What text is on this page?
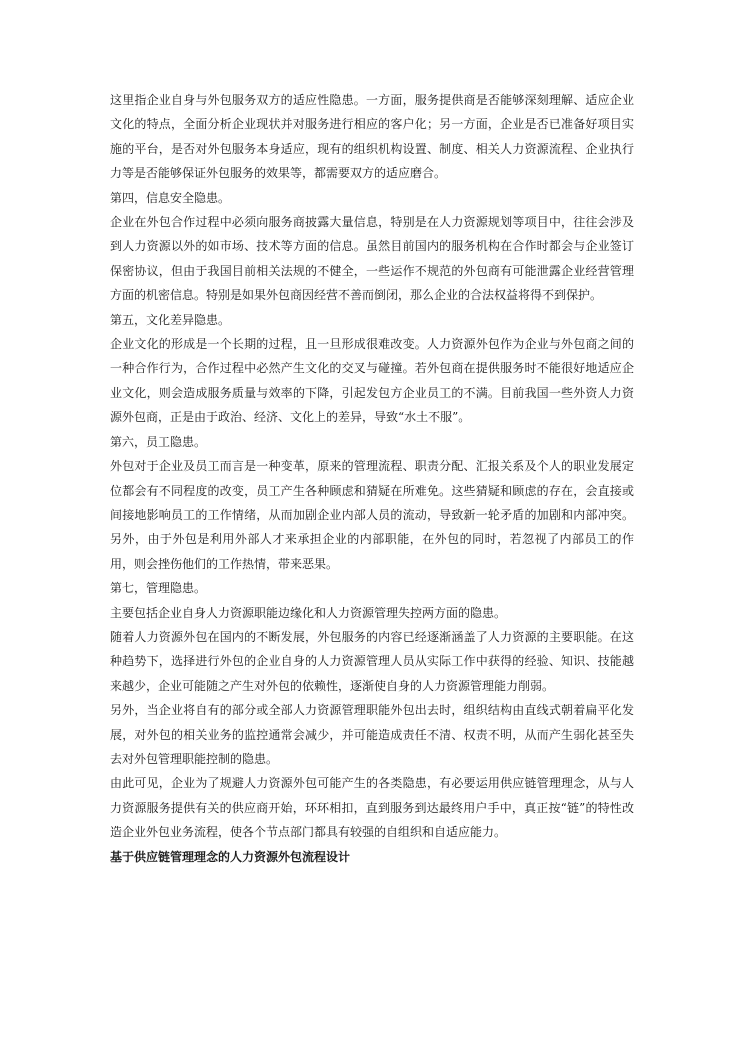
这里指企业自身与外包服务双方的适应性隐患。一方面，服务提供商是否能够深刻理解、适应企业文化的特点，全面分析企业现状并对服务进行相应的客户化；另一方面，企业是否已准备好项目实施的平台，是否对外包服务本身适应，现有的组织机构设置、制度、相关人力资源流程、企业执行力等是否能够保证外包服务的效果等，都需要双方的适应磨合。

第四，信息安全隐患。

企业在外包合作过程中必须向服务商披露大量信息，特别是在人力资源规划等项目中，往往会涉及到人力资源以外的如市场、技术等方面的信息。虽然目前国内的服务机构在合作时都会与企业签订保密协议，但由于我国目前相关法规的不健全，一些运作不规范的外包商有可能泄露企业经营管理方面的机密信息。特别是如果外包商因经营不善而倒闭，那么企业的合法权益将得不到保护。

第五，文化差异隐患。

企业文化的形成是一个长期的过程，且一旦形成很难改变。人力资源外包作为企业与外包商之间的一种合作行为，合作过程中必然产生文化的交叉与碰撞。若外包商在提供服务时不能很好地适应企业文化，则会造成服务质量与效率的下降，引起发包方企业员工的不满。目前我国一些外资人力资源外包商，正是由于政治、经济、文化上的差异，导致“水土不服”。

第六，员工隐患。

外包对于企业及员工而言是一种变革，原来的管理流程、职责分配、汇报关系及个人的职业发展定位都会有不同程度的改变，员工产生各种顾虑和猜疑在所难免。这些猜疑和顾虑的存在，会直接或间接地影响员工的工作情绪，从而加剧企业内部人员的流动，导致新一轮矛盾的加剧和内部冲突。另外，由于外包是利用外部人才来承担企业的内部职能，在外包的同时，若忽视了内部员工的作用，则会挫伤他们的工作热情，带来恶果。

第七，管理隐患。

主要包括企业自身人力资源职能边缘化和人力资源管理失控两方面的隐患。

随着人力资源外包在国内的不断发展，外包服务的内容已经逐渐涵盖了人力资源的主要职能。在这种趋势下，选择进行外包的企业自身的人力资源管理人员从实际工作中获得的经验、知识、技能越来越少，企业可能随之产生对外包的依赖性，逐渐使自身的人力资源管理能力削弱。

另外，当企业将自有的部分或全部人力资源管理职能外包出去时，组织结构由直线式朝着扁平化发展，对外包的相关业务的监控通常会减少，并可能造成责任不清、权责不明，从而产生弱化甚至失去对外包管理职能控制的隐患。

由此可见，企业为了规避人力资源外包可能产生的各类隐患，有必要运用供应链管理理念，从与人力资源服务提供有关的供应商开始，环环相扣，直到服务到达最终用户手中，真正按“链”的特性改造企业外包业务流程，使各个节点部门都具有较强的自组织和自适应能力。

基于供应链管理理念的人力资源外包流程设计
